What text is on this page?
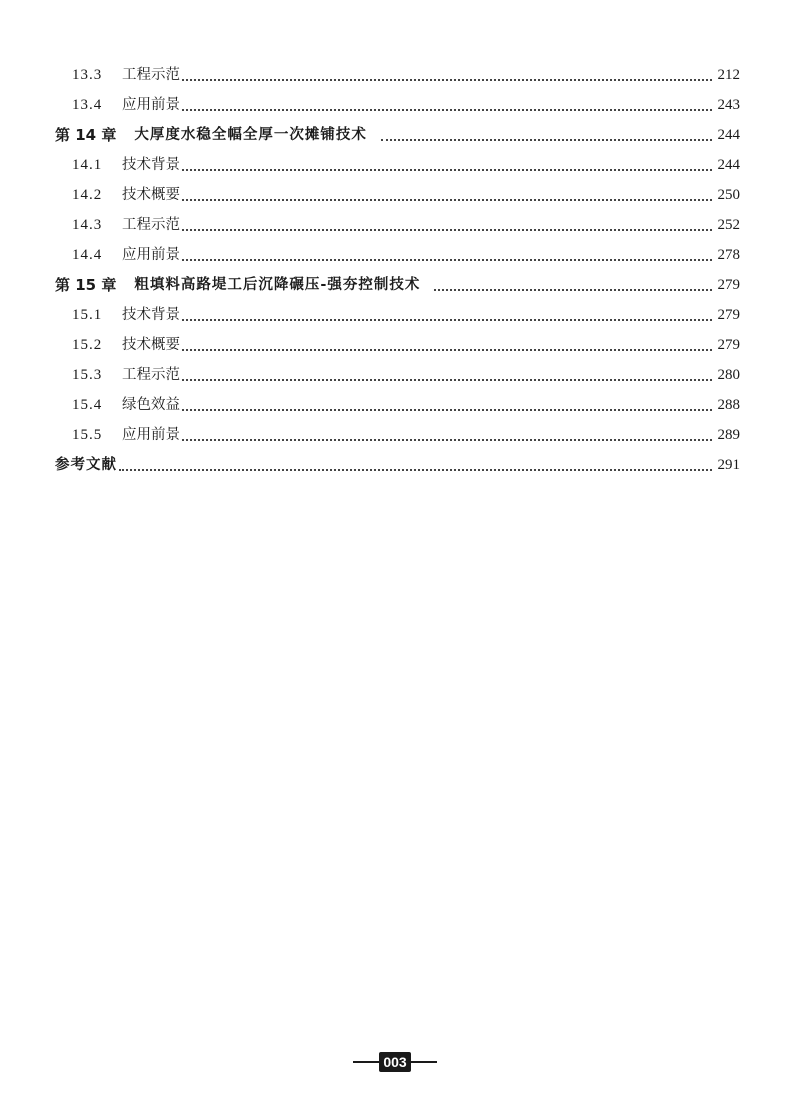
13.3	工程示范	212
13.4	应用前景	243
第 14 章 大厚度水稳全幅全厚一次摊铺技术	244
14.1	技术背景	244
14.2	技术概要	250
14.3	工程示范	252
14.4	应用前景	278
第 15 章 粗填料高路堤工后沉降碾压-强夯控制技术	279
15.1	技术背景	279
15.2	技术概要	279
15.3	工程示范	280
15.4	绿色效益	288
15.5	应用前景	289
参考文献	291
003
